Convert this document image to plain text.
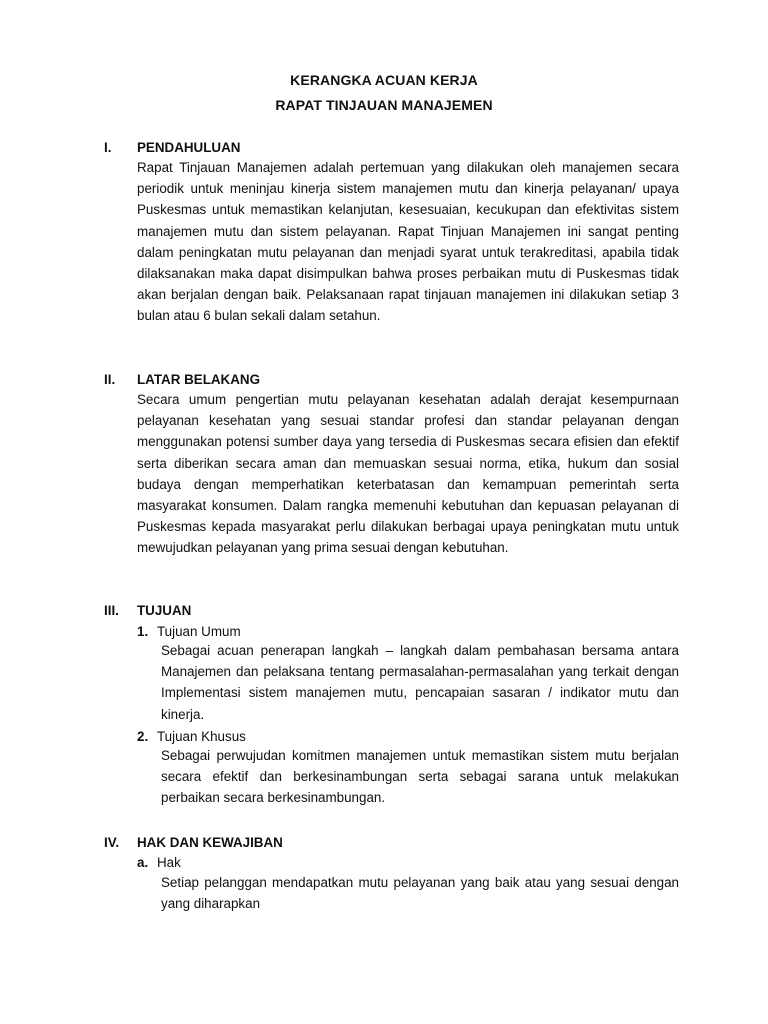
KERANGKA ACUAN KERJA
RAPAT TINJAUAN MANAJEMEN
I. PENDAHULUAN

Rapat Tinjauan Manajemen adalah pertemuan yang dilakukan oleh manajemen secara periodik untuk meninjau kinerja sistem manajemen mutu dan kinerja pelayanan/ upaya Puskesmas untuk memastikan kelanjutan, kesesuaian, kecukupan dan efektivitas sistem manajemen mutu dan sistem pelayanan. Rapat Tinjuan Manajemen ini sangat penting dalam peningkatan mutu pelayanan dan menjadi syarat untuk terakreditasi, apabila tidak dilaksanakan maka dapat disimpulkan bahwa proses perbaikan mutu di Puskesmas tidak akan berjalan dengan baik. Pelaksanaan rapat tinjauan manajemen ini dilakukan setiap 3 bulan atau 6 bulan sekali dalam setahun.

II. LATAR BELAKANG

Secara umum pengertian mutu pelayanan kesehatan adalah derajat kesempurnaan pelayanan kesehatan yang sesuai standar profesi dan standar pelayanan dengan menggunakan potensi sumber daya yang tersedia di Puskesmas secara efisien dan efektif serta diberikan secara aman dan memuaskan sesuai norma, etika, hukum dan sosial budaya dengan memperhatikan keterbatasan dan kemampuan pemerintah serta masyarakat konsumen. Dalam rangka memenuhi kebutuhan dan kepuasan pelayanan di Puskesmas kepada masyarakat perlu dilakukan berbagai upaya peningkatan mutu untuk mewujudkan pelayanan yang prima sesuai dengan kebutuhan.

III. TUJUAN
1. Tujuan Umum

Sebagai acuan penerapan langkah – langkah dalam pembahasan bersama antara Manajemen dan pelaksana tentang permasalahan-permasalahan yang terkait dengan Implementasi sistem manajemen mutu, pencapaian sasaran / indikator mutu dan kinerja.

2. Tujuan Khusus

Sebagai perwujudan komitmen manajemen untuk memastikan sistem mutu berjalan secara efektif dan berkesinambungan serta sebagai sarana untuk melakukan perbaikan secara berkesinambungan.

IV. HAK DAN KEWAJIBAN
a. Hak

Setiap pelanggan mendapatkan mutu pelayanan yang baik atau yang sesuai dengan yang diharapkan
